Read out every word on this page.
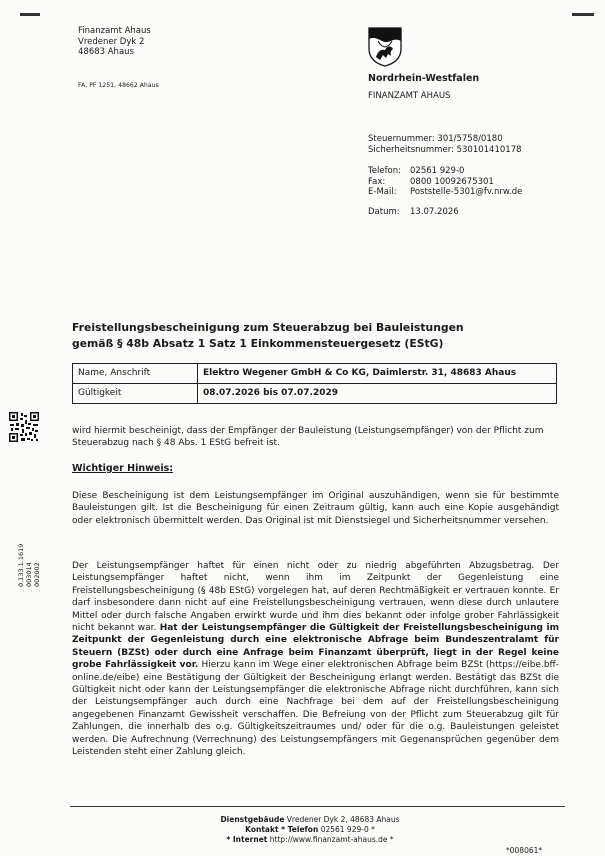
Finanzamt Ahaus
Vredener Dyk 2
48683 Ahaus
FA, PF 1251, 48662 Ahaus
Nordrhein-Westfalen
FINANZAMT AHAUS
Steuernummer: 301/5758/0180
Sicherheitsnummer: 530101410178
Telefon:	02561 929-0
Fax:	0800 10092675301
E-Mail:	Poststelle-5301@fv.nrw.de
Datum: 13.07.2026
Freistellungsbescheinigung zum Steuerabzug bei Bauleistungen
gemäß § 48b Absatz 1 Satz 1 Einkommensteuergesetz (EStG)
Name, Anschrift	Elektro Wegener GmbH & Co KG, Daimlerstr. 31, 48683 Ahaus
Gültigkeit	08.07.2026 bis 07.07.2029
0.133.1.1619 003014 002002
wird hiermit bescheinigt, dass der Empfänger der Bauleistung (Leistungsempfänger) von der Pflicht zum Steuerabzug nach § 48 Abs. 1 EStG befreit ist.
Wichtiger Hinweis:

Diese Bescheinigung ist dem Leistungsempfänger im Original auszuhändigen, wenn sie für bestimmte Bauleistungen gilt. Ist die Bescheinigung für einen Zeitraum gültig, kann auch eine Kopie ausgehändigt oder elektronisch übermittelt werden. Das Original ist mit Dienstsiegel und Sicherheitsnummer versehen.

Der Leistungsempfänger haftet für einen nicht oder zu niedrig abgeführten Abzugsbetrag. Der Leistungsempfänger haftet nicht, wenn ihm im Zeitpunkt der Gegenleistung eine Freistellungsbescheinigung (§ 48b EStG) vorgelegen hat, auf deren Rechtmäßigkeit er vertrauen konnte. Er darf insbesondere dann nicht auf eine Freistellungsbescheinigung vertrauen, wenn diese durch unlautere Mittel oder durch falsche Angaben erwirkt wurde und ihm dies bekannt oder infolge grober Fahrlässigkeit nicht bekannt war. Hat der Leistungsempfänger die Gültigkeit der Freistellungsbescheinigung im Zeitpunkt der Gegenleistung durch eine elektronische Abfrage beim Bundeszentralamt für Steuern (BZSt) oder durch eine Anfrage beim Finanzamt überprüft, liegt in der Regel keine grobe Fahrlässigkeit vor. Hierzu kann im Wege einer elektronischen Abfrage beim BZSt (https://eibe.bff-online.de/eibe) eine Bestätigung der Gültigkeit der Bescheinigung erlangt werden. Bestätigt das BZSt die Gültigkeit nicht oder kann der Leistungsempfänger die elektronische Abfrage nicht durchführen, kann sich der Leistungsempfänger auch durch eine Nachfrage bei dem auf der Freistellungsbescheinigung angegebenen Finanzamt Gewissheit verschaffen. Die Befreiung von der Pflicht zum Steuerabzug gilt für Zahlungen, die innerhalb des o.g. Gültigkeitszeitraumes und/ oder für die o.g. Bauleistungen geleistet werden. Die Aufrechnung (Verrechnung) des Leistungsempfängers mit Gegenansprüchen gegenüber dem Leistenden steht einer Zahlung gleich.

Dienstgebäude Vredener Dyk 2, 48683 Ahaus
Kontakt * Telefon 02561 929-0 *
* Internet http://www.finanzamt-ahaus.de *
*008061*
